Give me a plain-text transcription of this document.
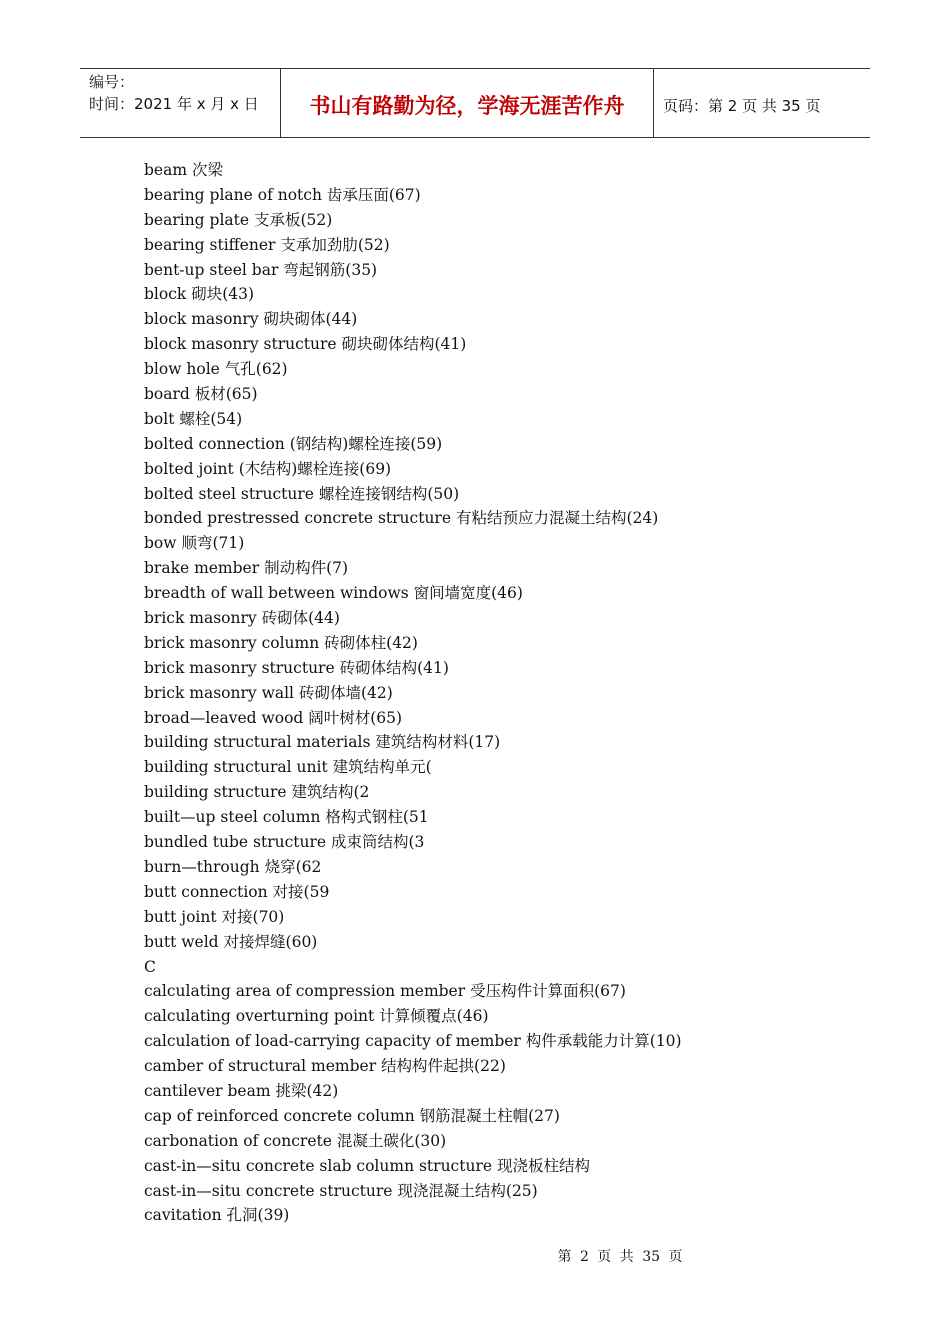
编号：
时间：2021 年 x 月 x 日	书山有路勤为径，学海无涯苦作舟	页码：第 2 页 共 35 页
beam 次梁
bearing plane of notch 齿承压面(67)
bearing plate 支承板(52)
bearing stiffener 支承加劲肋(52)
bent-up steel bar 弯起钢筋(35)
block 砌块(43)
block masonry 砌块砌体(44)
block masonry structure 砌块砌体结构(41)
blow hole 气孔(62)
board 板材(65)
bolt 螺栓(54)
bolted connection (钢结构)螺栓连接(59)
bolted joint (木结构)螺栓连接(69)
bolted steel structure 螺栓连接钢结构(50)
bonded prestressed concrete structure 有粘结预应力混凝土结构(24)
bow 顺弯(71)
brake member 制动构件(7)
breadth of wall between windows 窗间墙宽度(46)
brick masonry 砖砌体(44)
brick masonry column 砖砌体柱(42)
brick masonry structure 砖砌体结构(41)
brick masonry wall 砖砌体墙(42)
broad—leaved wood 阔叶树材(65)
building structural materials 建筑结构材料(17)
building structural unit 建筑结构单元(
building structure 建筑结构(2
built—up steel column 格构式钢柱(51
bundled tube structure 成束筒结构(3
burn—through 烧穿(62
butt connection 对接(59
butt joint 对接(70)
butt weld 对接焊缝(60)
C
calculating area of compression member 受压构件计算面积(67)
calculating overturning point 计算倾覆点(46)
calculation of load-carrying capacity of member 构件承载能力计算(10)
camber of structural member 结构构件起拱(22)
cantilever beam 挑梁(42)
cap of reinforced concrete column 钢筋混凝土柱帽(27)
carbonation of concrete 混凝土碳化(30)
cast-in—situ concrete slab column structure 现浇板柱结构
cast-in—situ concrete structure 现浇混凝土结构(25)
cavitation 孔洞(39)
第 2 页 共 35 页
